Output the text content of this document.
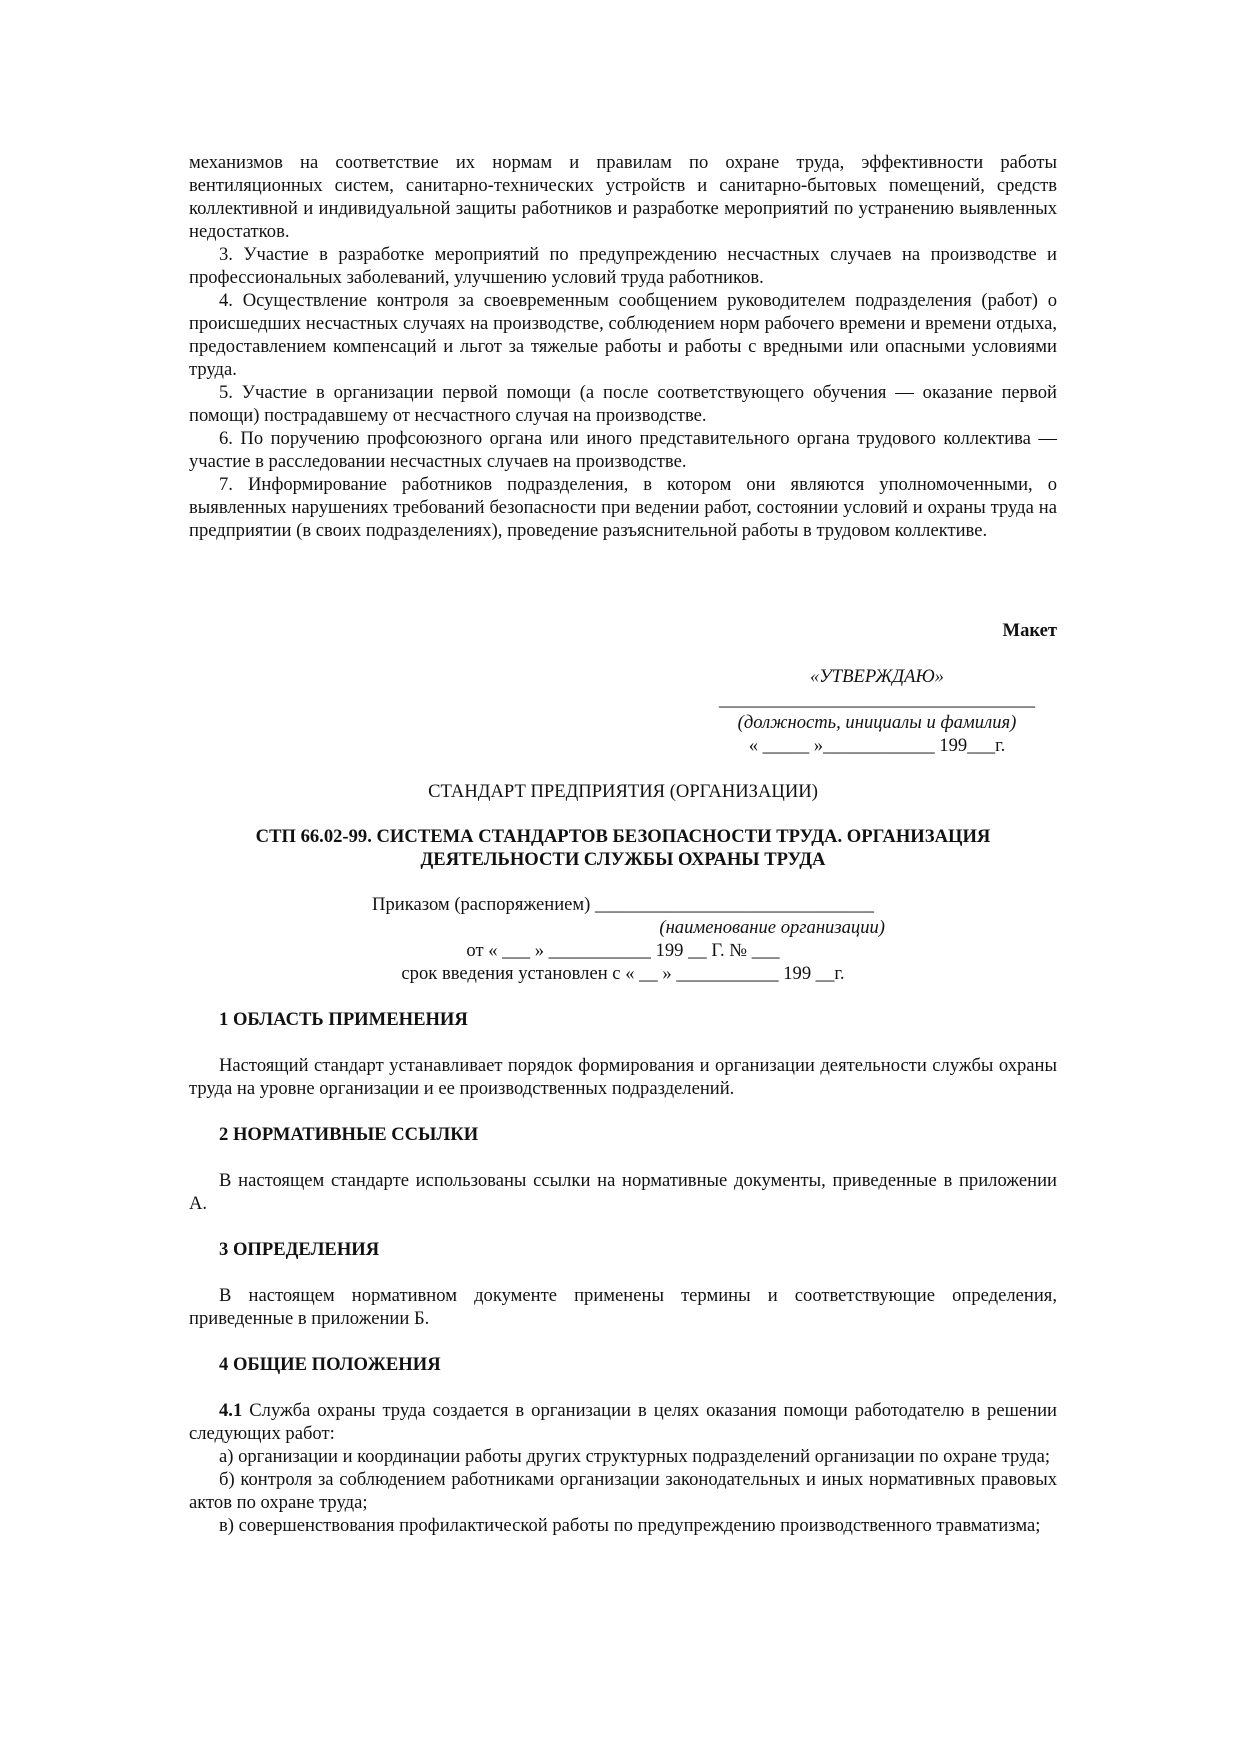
механизмов на соответствие их нормам и правилам по охране труда, эффективности работы вентиляционных систем, санитарно-технических устройств и санитарно-бытовых помещений, средств коллективной и индивидуальной защиты работников и разработке мероприятий по устранению выявленных недостатков.

3. Участие в разработке мероприятий по предупреждению несчастных случаев на производстве и профессиональных заболеваний, улучшению условий труда работников.

4. Осуществление контроля за своевременным сообщением руководителем подразделения (работ) о происшедших несчастных случаях на производстве, соблюдением норм рабочего времени и времени отдыха, предоставлением компенсаций и льгот за тяжелые работы и работы с вредными или опасными условиями труда.

5. Участие в организации первой помощи (а после соответствующего обучения — оказание первой помощи) пострадавшему от несчастного случая на производстве.

6. По поручению профсоюзного органа или иного представительного органа трудового коллектива —участие в расследовании несчастных случаев на производстве.

7. Информирование работников подразделения, в котором они являются уполномоченными, о выявленных нарушениях требований безопасности при ведении работ, состоянии условий и охраны труда на предприятии (в своих подразделениях), проведение разъяснительной работы в трудовом коллективе.

Макет
«УТВЕРЖДАЮ»
__________________________________
(должность, инициалы и фамилия)
« _____ »____________ 199___г.
СТАНДАРТ ПРЕДПРИЯТИЯ (ОРГАНИЗАЦИИ)
СТП 66.02-99. СИСТЕМА СТАНДАРТОВ БЕЗОПАСНОСТИ ТРУДА. ОРГАНИЗАЦИЯ
ДЕЯТЕЛЬНОСТИ СЛУЖБЫ ОХРАНЫ ТРУДА
Приказом (распоряжением) ______________________________
(наименование организации)
от « ___ » ___________ 199 __ Г. № ___
срок введения установлен с « __ » ___________ 199 __г.
1 ОБЛАСТЬ ПРИМЕНЕНИЯ

Настоящий стандарт устанавливает порядок формирования и организации деятельности службы охраны труда на уровне организации и ее производственных подразделений.

2 НОРМАТИВНЫЕ ССЫЛКИ

В настоящем стандарте использованы ссылки на нормативные документы, приведенные в приложении А.

3 ОПРЕДЕЛЕНИЯ

В настоящем нормативном документе применены термины и соответствующие определения, приведенные в приложении Б.

4 ОБЩИЕ ПОЛОЖЕНИЯ

4.1 Служба охраны труда создается в организации в целях оказания помощи работодателю в решении следующих работ:

а) организации и координации работы других структурных подразделений организации по охране труда;

б) контроля за соблюдением работниками организации законодательных и иных нормативных правовых актов по охране труда;

в) совершенствования профилактической работы по предупреждению производственного травматизма;
